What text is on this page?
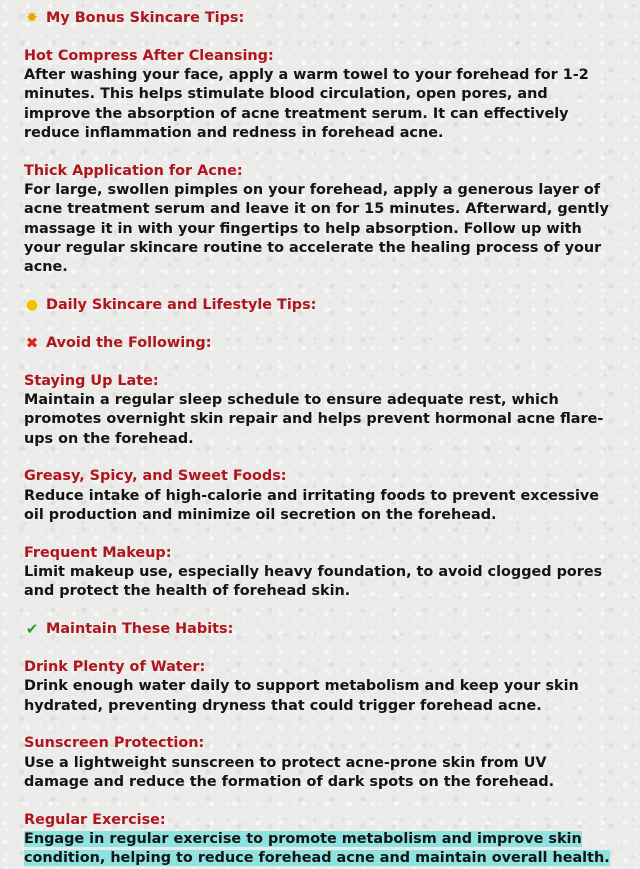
✸ My Bonus Skincare Tips:

Hot Compress After Cleansing:

After washing your face, apply a warm towel to your forehead for 1-2 minutes. This helps stimulate blood circulation, open pores, and improve the absorption of acne treatment serum. It can effectively reduce inflammation and redness in forehead acne.

Thick Application for Acne:

For large, swollen pimples on your forehead, apply a generous layer of acne treatment serum and leave it on for 15 minutes. Afterward, gently massage it in with your fingertips to help absorption. Follow up with your regular skincare routine to accelerate the healing process of your acne.

● Daily Skincare and Lifestyle Tips:
✖ Avoid the Following:

Staying Up Late:

Maintain a regular sleep schedule to ensure adequate rest, which promotes overnight skin repair and helps prevent hormonal acne flare-ups on the forehead.

Greasy, Spicy, and Sweet Foods:

Reduce intake of high-calorie and irritating foods to prevent excessive oil production and minimize oil secretion on the forehead.

Frequent Makeup:

Limit makeup use, especially heavy foundation, to avoid clogged pores and protect the health of forehead skin.

✔ Maintain These Habits:

Drink Plenty of Water:

Drink enough water daily to support metabolism and keep your skin hydrated, preventing dryness that could trigger forehead acne.

Sunscreen Protection:

Use a lightweight sunscreen to protect acne-prone skin from UV damage and reduce the formation of dark spots on the forehead.

Regular Exercise:

Engage in regular exercise to promote metabolism and improve skin condition, helping to reduce forehead acne and maintain overall health.
